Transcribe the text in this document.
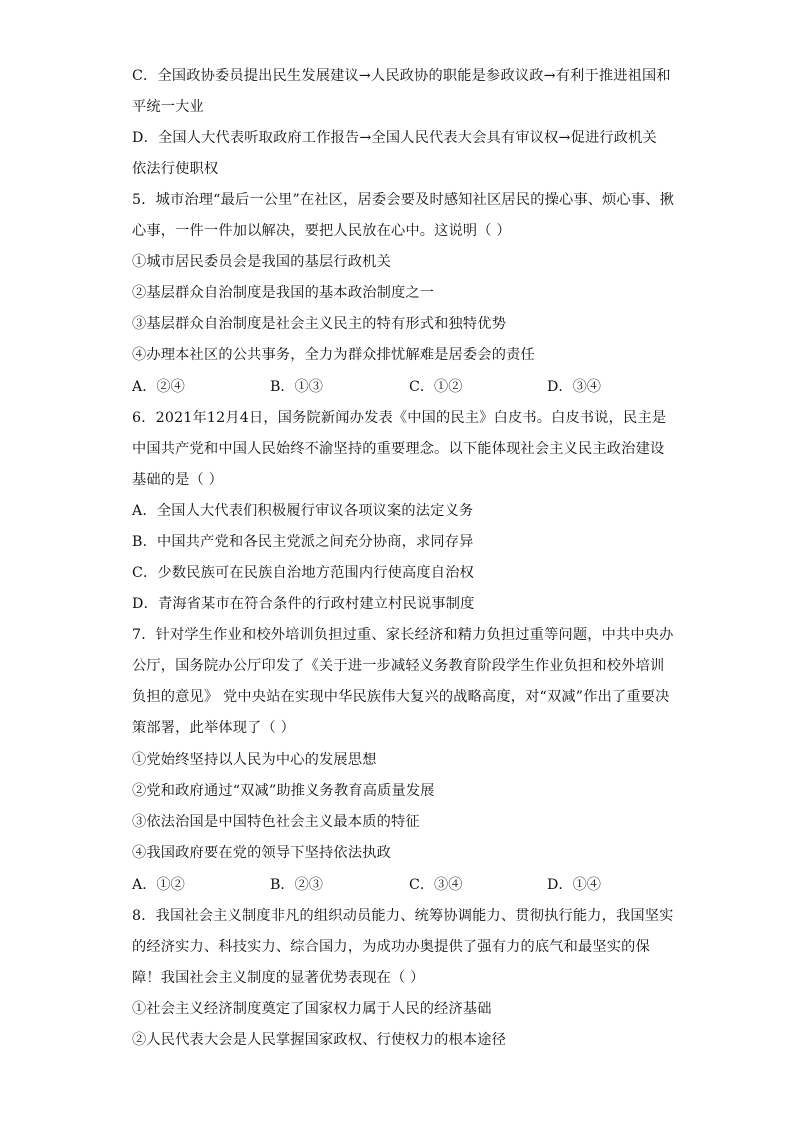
C．全国政协委员提出民生发展建议→人民政协的职能是参政议政→有利于推进祖国和
平统一大业
D．全国人大代表听取政府工作报告→全国人民代表大会具有审议权→促进行政机关
依法行使职权
5．城市治理“最后一公里”在社区，居委会要及时感知社区居民的操心事、烦心事、揪
心事，一件一件加以解决，要把人民放在心中。这说明（ ）
①城市居民委员会是我国的基层行政机关
②基层群众自治制度是我国的基本政治制度之一
③基层群众自治制度是社会主义民主的特有形式和独特优势
④办理本社区的公共事务，全力为群众排忧解难是居委会的责任
A．②④	B．①③	C．①②	D．③④
6．2021年12月4日，国务院新闻办发表《中国的民主》白皮书。白皮书说，民主是
中国共产党和中国人民始终不渝坚持的重要理念。以下能体现社会主义民主政治建设
基础的是（ ）
A．全国人大代表们积极履行审议各项议案的法定义务
B．中国共产党和各民主党派之间充分协商，求同存异
C．少数民族可在民族自治地方范围内行使高度自治权
D．青海省某市在符合条件的行政村建立村民说事制度
7．针对学生作业和校外培训负担过重、家长经济和精力负担过重等问题，中共中央办
公厅，国务院办公厅印发了《关于进一步减轻义务教育阶段学生作业负担和校外培训
负担的意见》 党中央站在实现中华民族伟大复兴的战略高度，对“双减”作出了重要决
策部署，此举体现了（ ）
①党始终坚持以人民为中心的发展思想
②党和政府通过“双减”助推义务教育高质量发展
③依法治国是中国特色社会主义最本质的特征
④我国政府要在党的领导下坚持依法执政
A．①②	B．②③	C．③④	D．①④
8．我国社会主义制度非凡的组织动员能力、统筹协调能力、贯彻执行能力，我国坚实
的经济实力、科技实力、综合国力，为成功办奥提供了强有力的底气和最坚实的保
障！我国社会主义制度的显著优势表现在（ ）
①社会主义经济制度奠定了国家权力属于人民的经济基础
②人民代表大会是人民掌握国家政权、行使权力的根本途径
